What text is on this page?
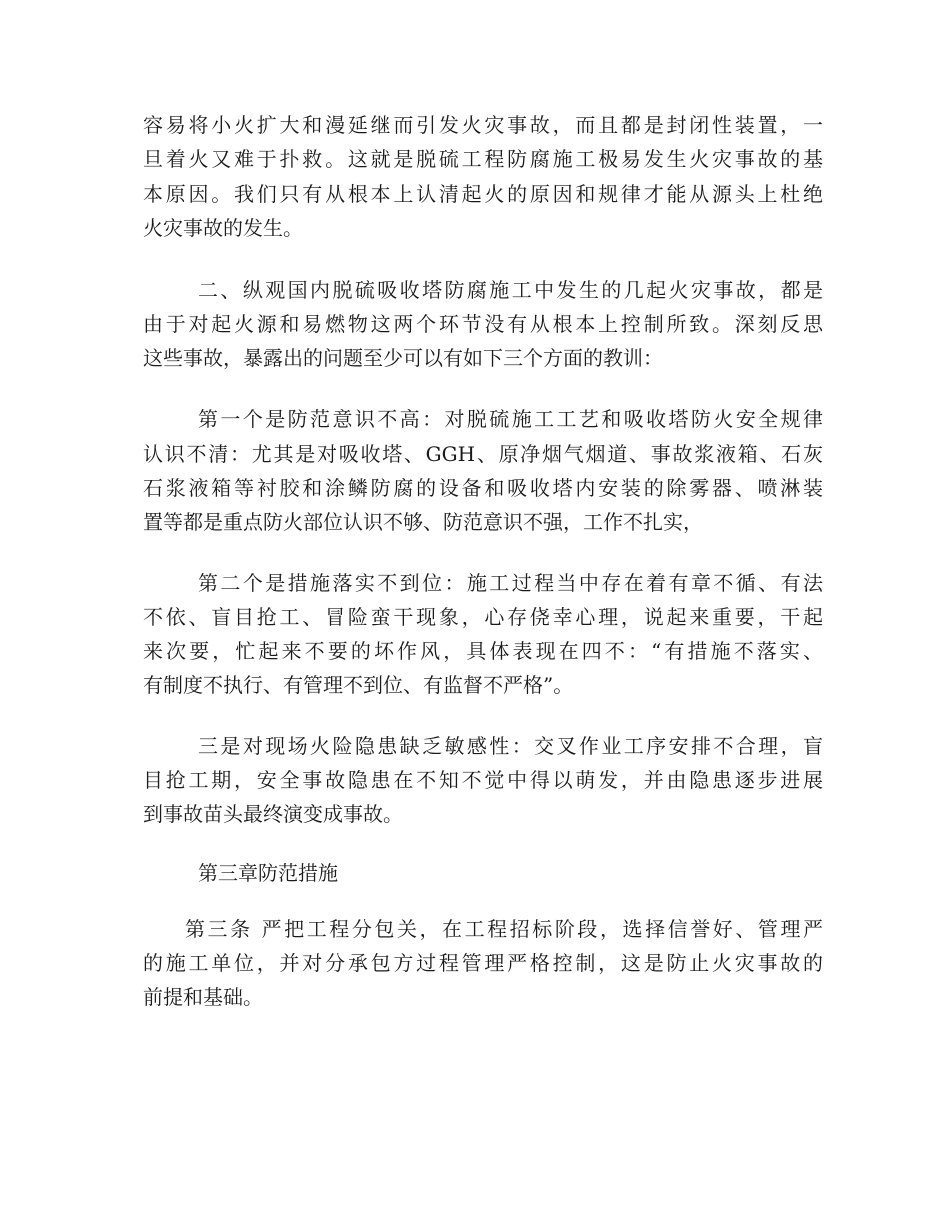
容易将小火扩大和漫延继而引发火灾事故，而且都是封闭性装置，一
旦着火又难于扑救。这就是脱硫工程防腐施工极易发生火灾事故的基
本原因。我们只有从根本上认清起火的原因和规律才能从源头上杜绝
火灾事故的发生。
二、纵观国内脱硫吸收塔防腐施工中发生的几起火灾事故，都是
由于对起火源和易燃物这两个环节没有从根本上控制所致。深刻反思
这些事故，暴露出的问题至少可以有如下三个方面的教训：
第一个是防范意识不高：对脱硫施工工艺和吸收塔防火安全规律
认识不清：尤其是对吸收塔、GGH、原净烟气烟道、事故浆液箱、石灰
石浆液箱等衬胶和涂鳞防腐的设备和吸收塔内安装的除雾器、喷淋装
置等都是重点防火部位认识不够、防范意识不强，工作不扎实，
第二个是措施落实不到位：施工过程当中存在着有章不循、有法
不依、盲目抢工、冒险蛮干现象，心存侥幸心理，说起来重要，干起
来次要，忙起来不要的坏作风，具体表现在四不：“有措施不落实、
有制度不执行、有管理不到位、有监督不严格”。
三是对现场火险隐患缺乏敏感性：交叉作业工序安排不合理，盲
目抢工期，安全事故隐患在不知不觉中得以萌发，并由隐患逐步进展
到事故苗头最终演变成事故。
第三章防范措施
第三条 严把工程分包关，在工程招标阶段，选择信誉好、管理严
的施工单位，并对分承包方过程管理严格控制，这是防止火灾事故的
前提和基础。
